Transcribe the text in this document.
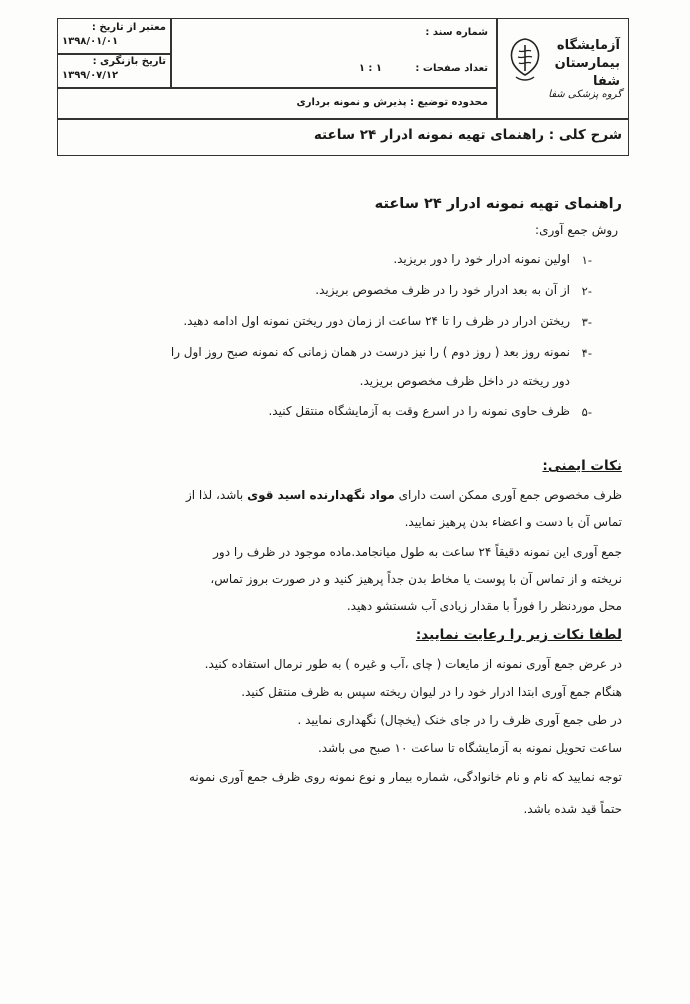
آزمایشگاه
بیمارستان
شفا
گروه پزشکی شفا
شماره سند :
تعداد صفحات :
۱ : ۱
معتبر از تاریخ :
۱۳۹۸/۰۱/۰۱
تاریخ بازنگری :
۱۳۹۹/۰۷/۱۲
محدوده توضیع : پذیرش و نمونه برداری
شرح کلی : راهنمای تهیه نمونه ادرار ۲۴ ساعته
راهنمای تهیه نمونه ادرار ۲۴ ساعته
روش جمع آوری:
-۱
اولین نمونه ادرار خود را دور بریزید.
-۲
از آن به بعد ادرار خود را در ظرف مخصوص بریزید.
-۳
ریختن ادرار در ظرف را تا ۲۴ ساعت از زمان دور ریختن نمونه اول ادامه دهید.
-۴
نمونه روز بعد ( روز دوم ) را نیز درست در همان زمانی که نمونه صبح روز اول را
دور ریخته در داخل ظرف مخصوص بریزید.
-۵
ظرف حاوی نمونه را در اسرع وقت به آزمایشگاه منتقل کنید.
نکات ایمنی:
ظرف مخصوص جمع آوری ممکن است دارای مواد نگهدارنده اسید قوی باشد، لذا از
تماس آن با دست و اعضاء بدن پرهیز نمایید.
جمع آوری این نمونه دقیقاً ۲۴ ساعت به طول میانجامد.ماده موجود در ظرف را دور
نریخته و از تماس آن با پوست یا مخاط بدن جداً پرهیز کنید و در صورت بروز تماس،
محل موردنظر را فوراً با مقدار زیادی آب شستشو دهید.
لطفا نکات زیر را رعایت نمایید:
در عرض جمع آوری نمونه از مایعات ( چای ،آب و غیره ) به طور نرمال استفاده کنید.
هنگام جمع آوری ابتدا ادرار خود را در لیوان ریخته سپس به ظرف منتقل کنید.
در طی جمع آوری ظرف را در جای خنک (یخچال) نگهداری نمایید .
ساعت تحویل نمونه به آزمایشگاه تا ساعت ۱۰ صبح می باشد.
توجه نمایید که نام و نام خانوادگی، شماره بیمار و نوع نمونه روی ظرف جمع آوری نمونه
حتماً قید شده باشد.
